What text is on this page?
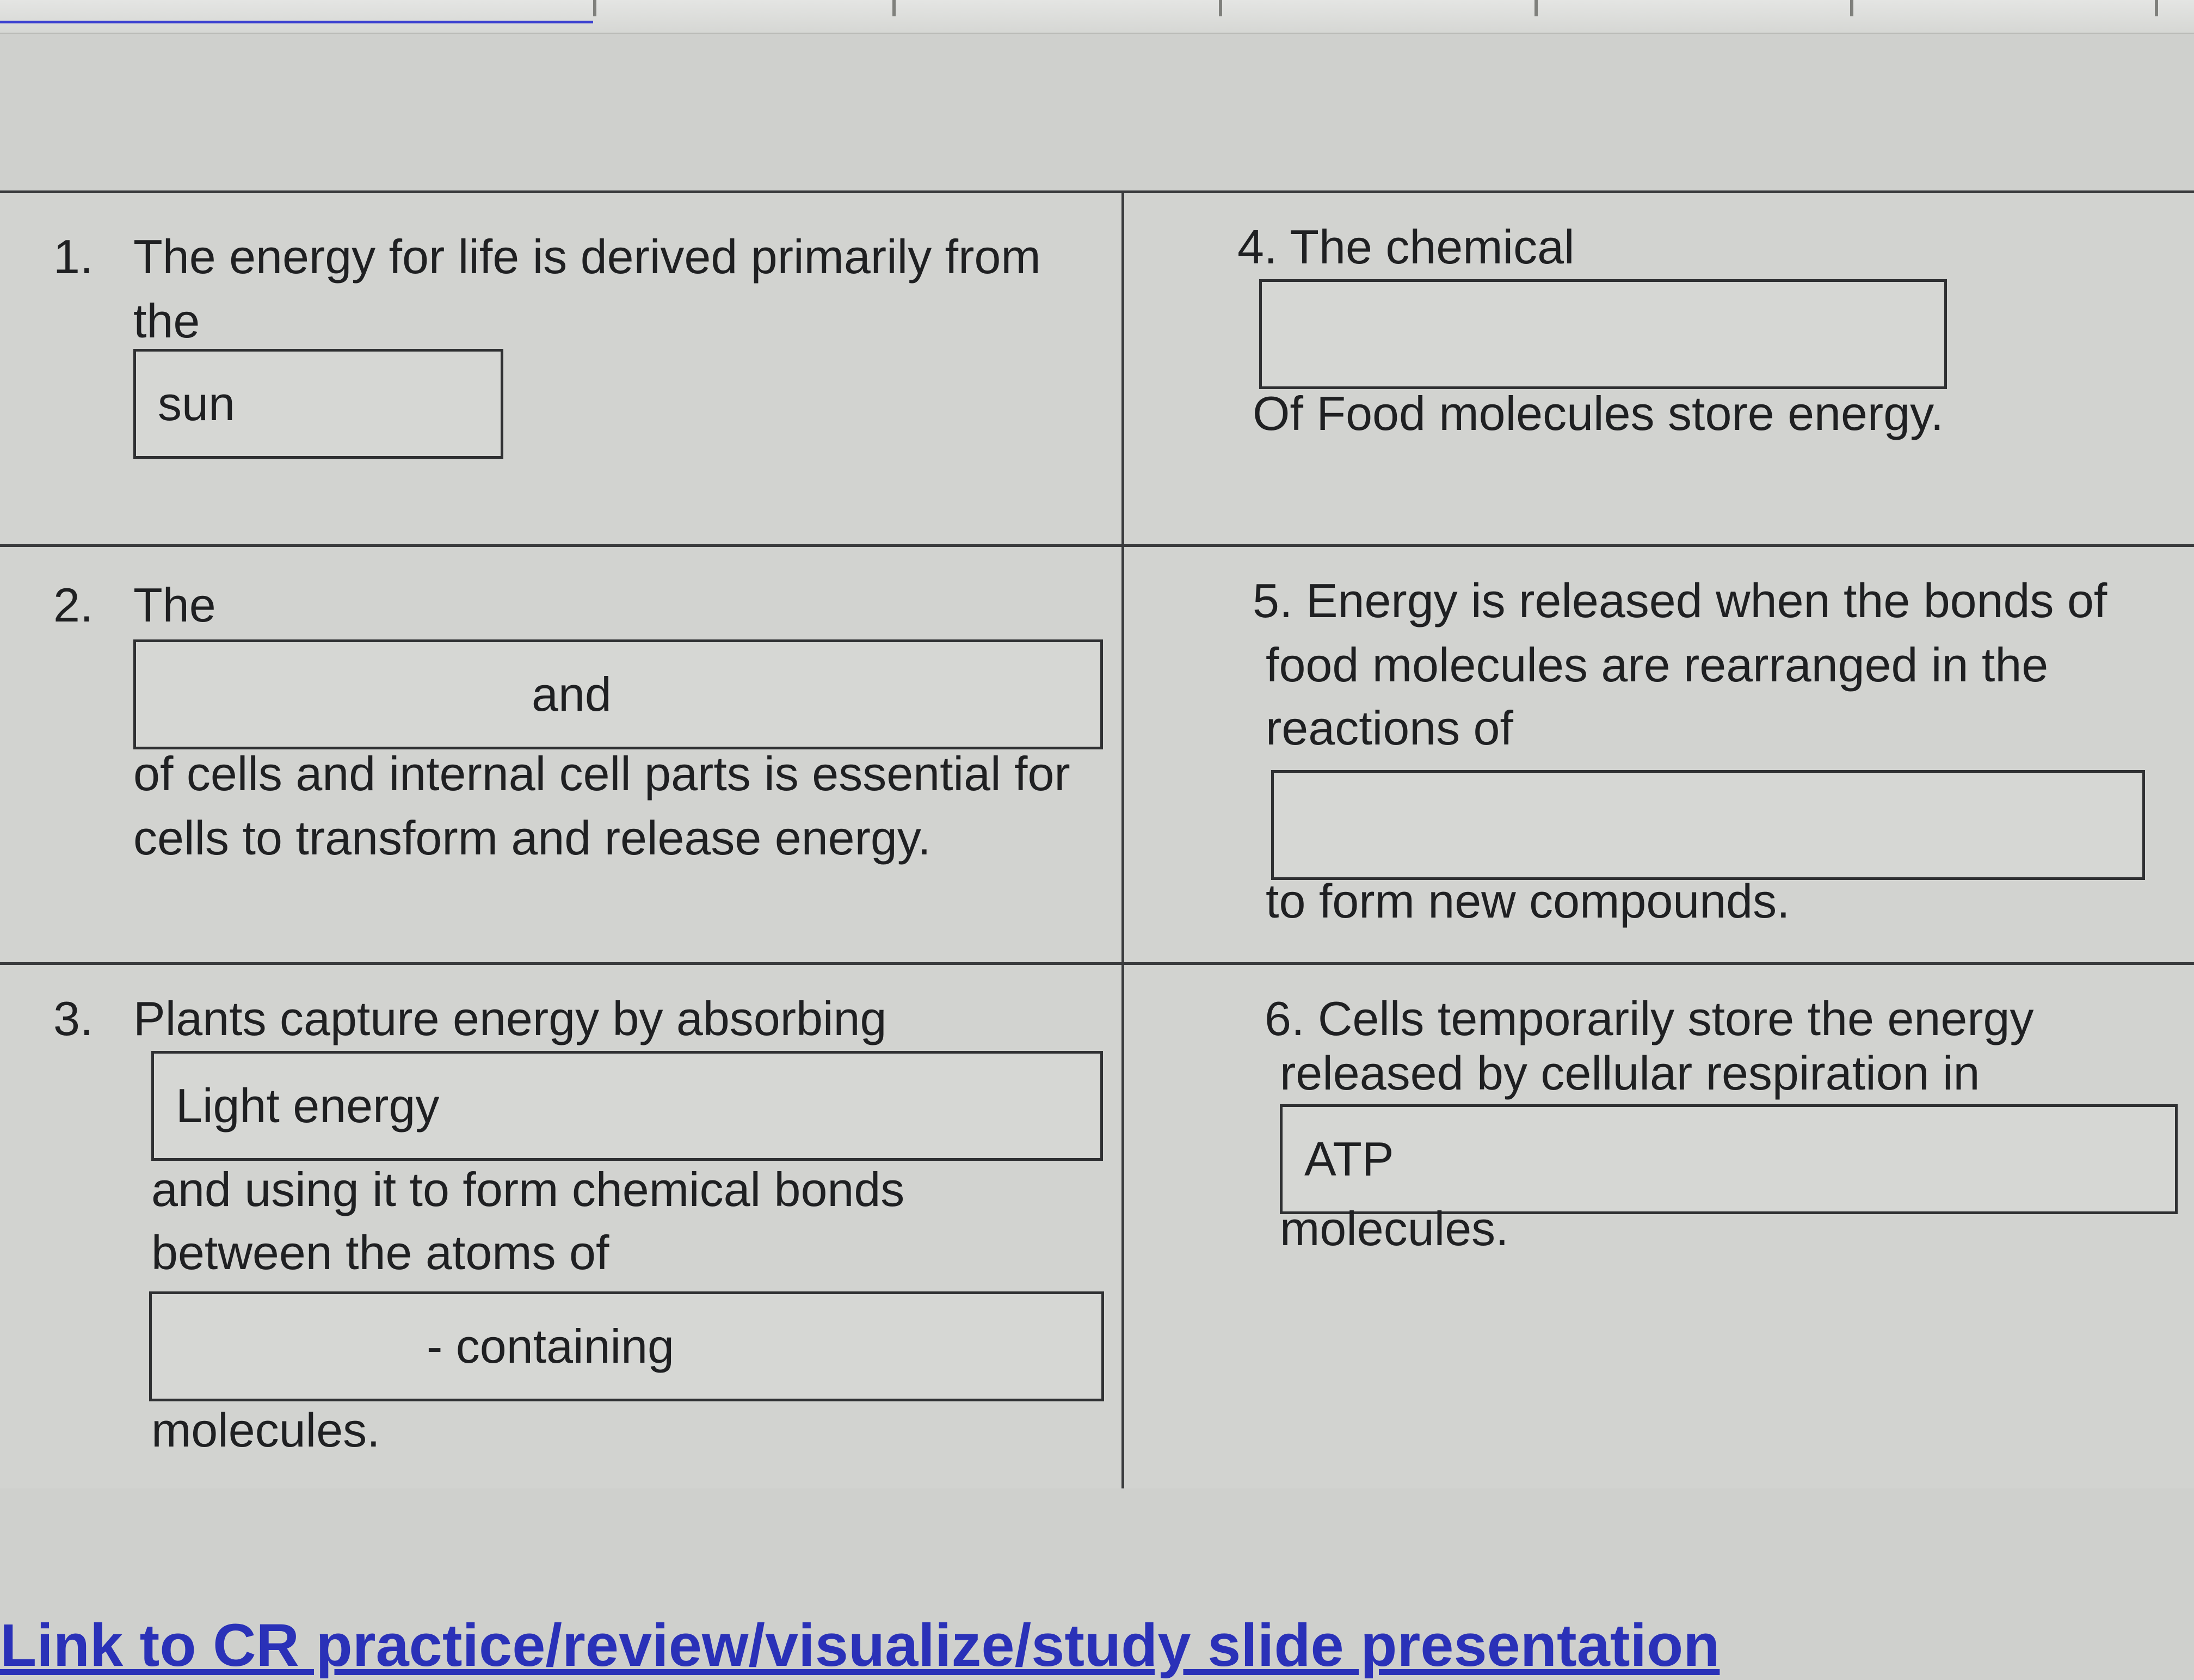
1. The energy for life is derived primarily from
the
sun
4. The chemical
Of Food molecules store energy.
2. The
and
of cells and internal cell parts is essential for
cells to transform and release energy.
5. Energy is released when the bonds of
food molecules are rearranged in the
reactions of
to form new compounds.
3. Plants capture energy by absorbing
Light energy
and using it to form chemical bonds
between the atoms of
- containing
molecules.
6. Cells temporarily store the energy
released by cellular respiration in
ATP
molecules.
Link to CR practice/review/visualize/study slide presentation
